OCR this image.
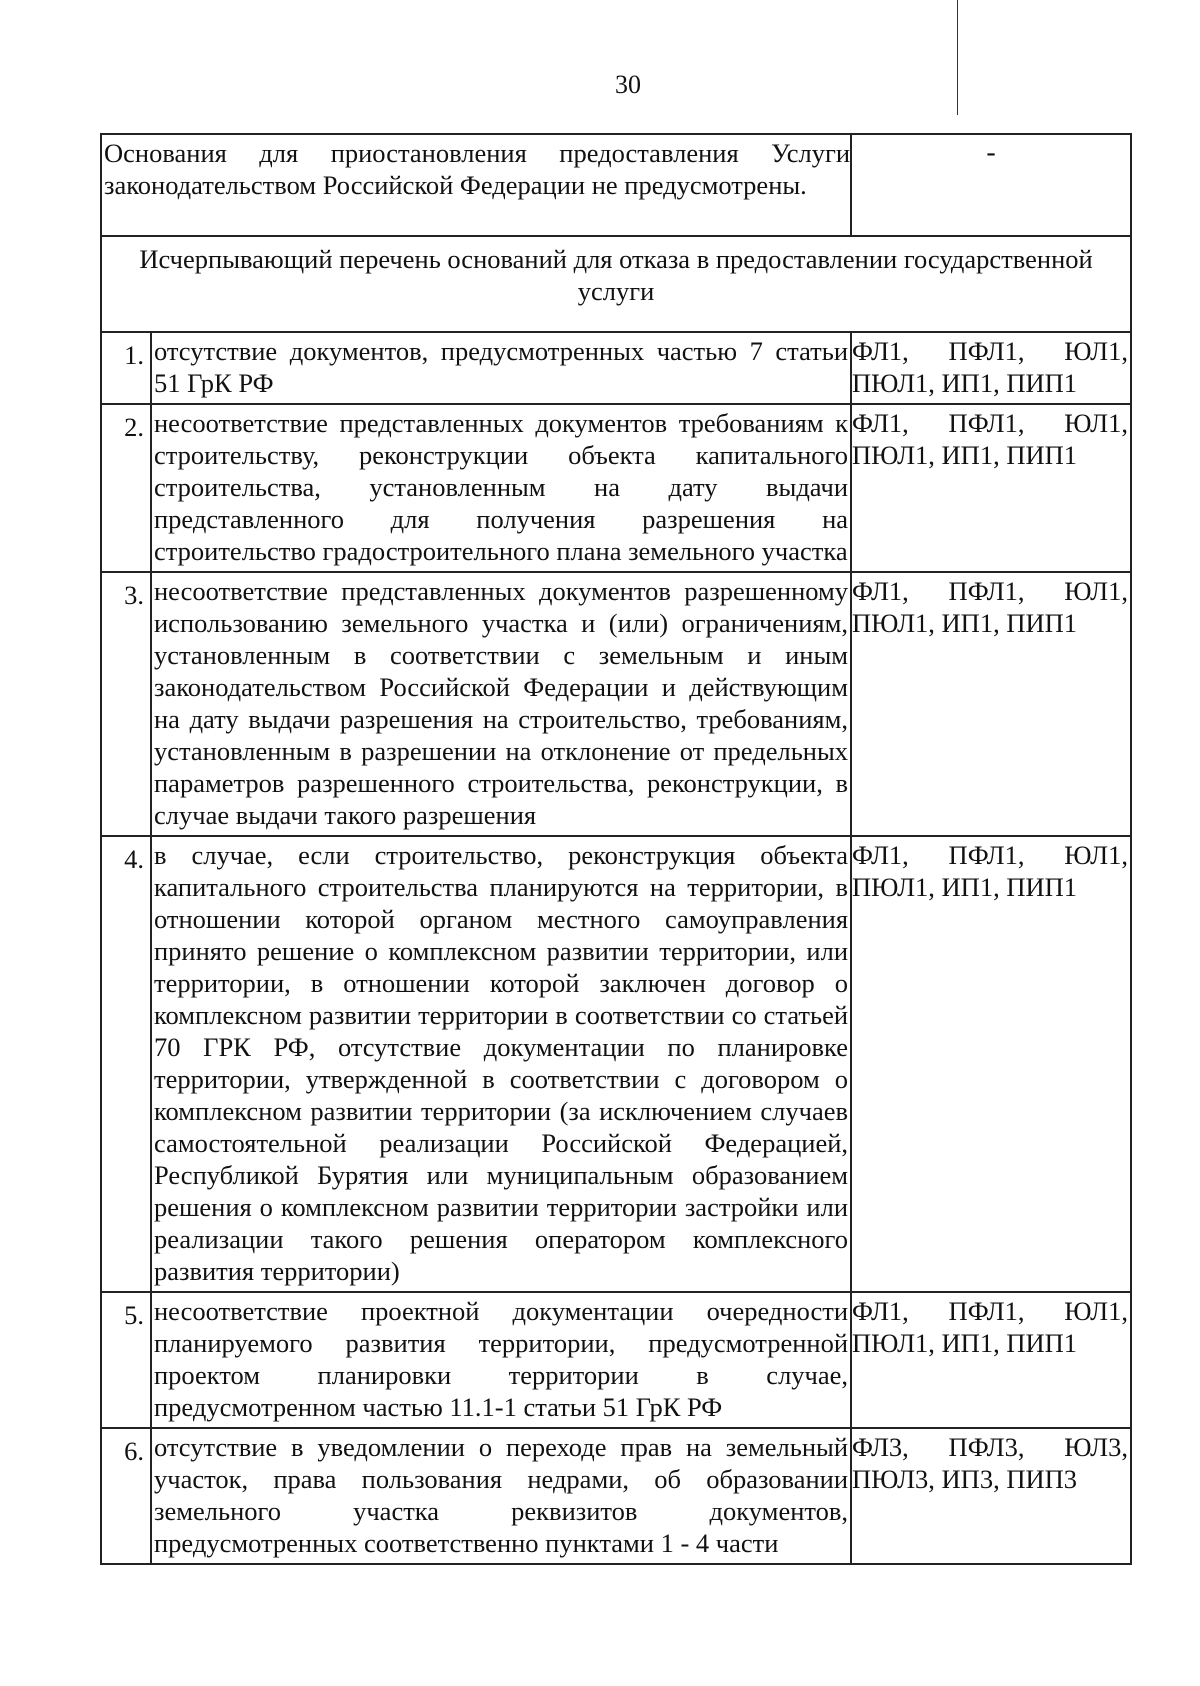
30
Основания для приостановления предоставления Услуги законодательством Российской Федерации не предусмотрены.		-
Исчерпывающий перечень оснований для отказа в предоставлении государственной услуги		
1.	отсутствие документов, предусмотренных частью 7 статьи 51 ГрК РФ	ФЛ1, ПФЛ1, ЮЛ1,
ПЮЛ1, ИП1, ПИП1
2.	несоответствие представленных документов требованиям к строительству, реконструкции объекта капитального строительства, установленным на дату выдачи представленного для получения разрешения на строительство градостроительного плана земельного участка	ФЛ1, ПФЛ1, ЮЛ1,
ПЮЛ1, ИП1, ПИП1
3.	несоответствие представленных документов разрешенному использованию земельного участка и (или) ограничениям, установленным в соответствии с земельным и иным законодательством Российской Федерации и действующим на дату выдачи разрешения на строительство, требованиям, установленным в разрешении на отклонение от предельных параметров разрешенного строительства, реконструкции, в случае выдачи такого разрешения	ФЛ1, ПФЛ1, ЮЛ1,
ПЮЛ1, ИП1, ПИП1
4.	в случае, если строительство, реконструкция объекта капитального строительства планируются на территории, в отношении которой органом местного самоуправления принято решение о комплексном развитии территории, или территории, в отношении которой заключен договор о комплексном развитии территории в соответствии со статьей 70 ГРК РФ, отсутствие документации по планировке территории, утвержденной в соответствии с договором о комплексном развитии территории (за исключением случаев самостоятельной реализации Российской Федерацией, Республикой Бурятия или муниципальным образованием решения о комплексном развитии территории застройки или реализации такого решения оператором комплексного развития территории)	ФЛ1, ПФЛ1, ЮЛ1,
ПЮЛ1, ИП1, ПИП1
5.	несоответствие проектной документации очередности планируемого развития территории, предусмотренной проектом планировки территории в случае, предусмотренном частью 11.1-1 статьи 51 ГрК РФ	ФЛ1, ПФЛ1, ЮЛ1,
ПЮЛ1, ИП1, ПИП1
6.	отсутствие в уведомлении о переходе прав на земельный участок, права пользования недрами, об образовании земельного участка реквизитов документов, предусмотренных соответственно пунктами 1 - 4 части	ФЛ3, ПФЛ3, ЮЛ3,
ПЮЛ3, ИП3, ПИП3
